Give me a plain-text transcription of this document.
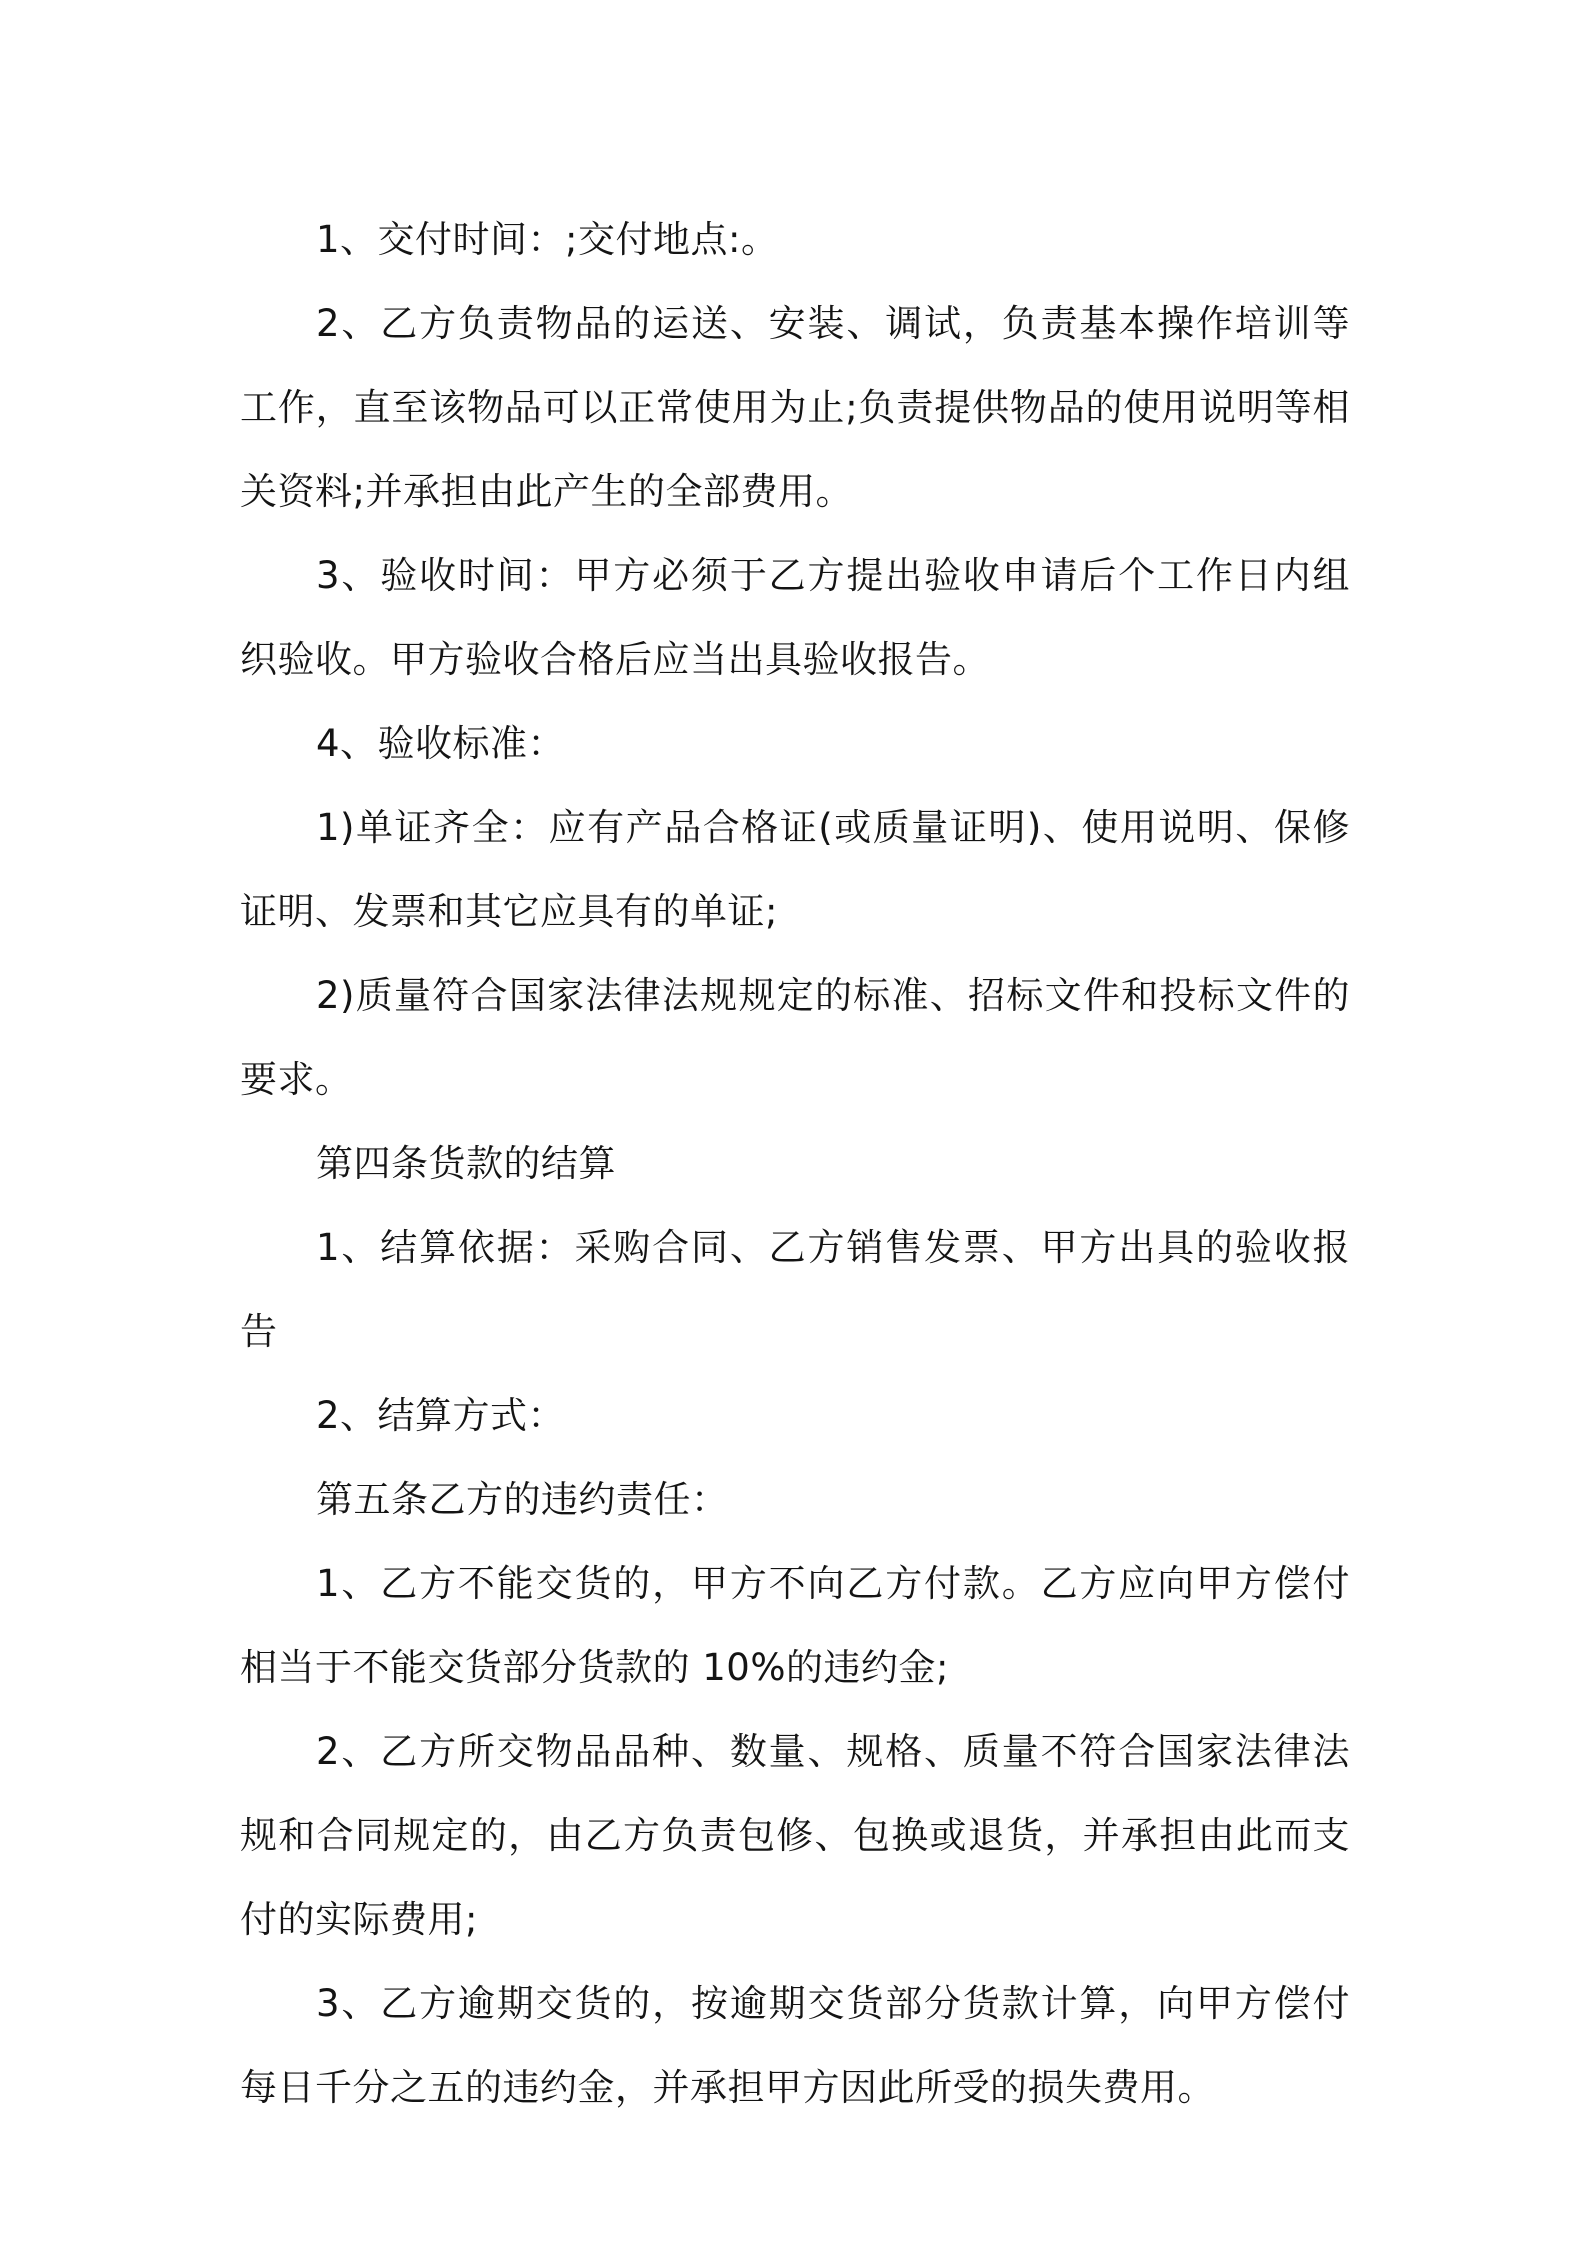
1、交付时间：;交付地点:。

2、乙方负责物品的运送、安装、调试，负责基本操作培训等工作，直至该物品可以正常使用为止;负责提供物品的使用说明等相关资料;并承担由此产生的全部费用。

3、验收时间：甲方必须于乙方提出验收申请后个工作日内组织验收。甲方验收合格后应当出具验收报告。

4、验收标准：

1)单证齐全：应有产品合格证(或质量证明)、使用说明、保修证明、发票和其它应具有的单证;

2)质量符合国家法律法规规定的标准、招标文件和投标文件的要求。

第四条货款的结算

1、结算依据：采购合同、乙方销售发票、甲方出具的验收报告

2、结算方式：

第五条乙方的违约责任：

1、乙方不能交货的，甲方不向乙方付款。乙方应向甲方偿付相当于不能交货部分货款的 10%的违约金;

2、乙方所交物品品种、数量、规格、质量不符合国家法律法规和合同规定的，由乙方负责包修、包换或退货，并承担由此而支付的实际费用;

3、乙方逾期交货的，按逾期交货部分货款计算，向甲方偿付每日千分之五的违约金，并承担甲方因此所受的损失费用。
